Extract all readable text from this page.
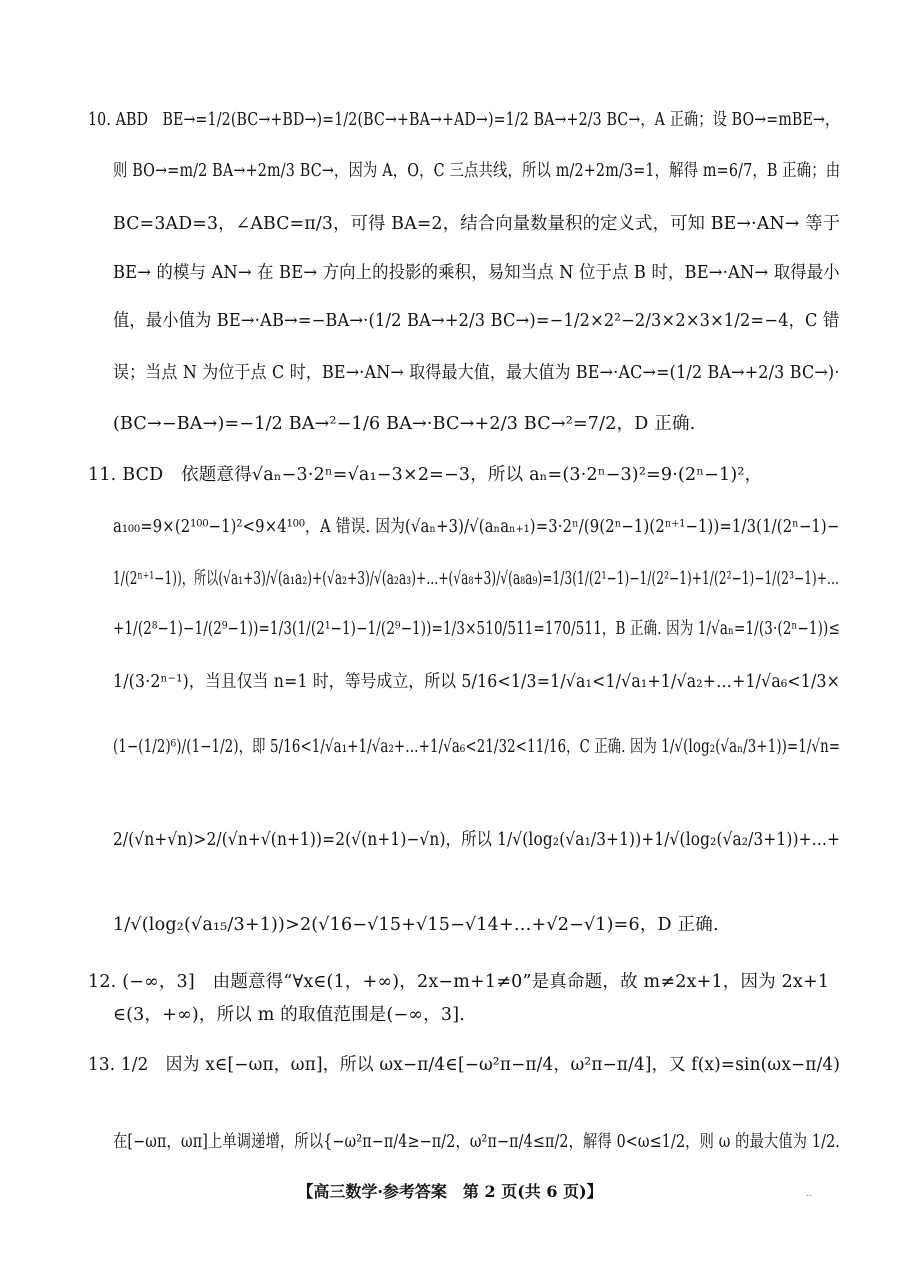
10. ABD　BE→=1/2(BC→+BD→)=1/2(BC→+BA→+AD→)=1/2 BA→+2/3 BC→，A 正确；设 BO→=mBE→，
则 BO→=m/2 BA→+2m/3 BC→，因为 A，O，C 三点共线，所以 m/2+2m/3=1，解得 m=6/7，B 正确；由
BC=3AD=3，∠ABC=π/3，可得 BA=2，结合向量数量积的定义式，可知 BE→·AN→ 等于
BE→ 的模与 AN→ 在 BE→ 方向上的投影的乘积，易知当点 N 位于点 B 时，BE→·AN→ 取得最小
值，最小值为 BE→·AB→=−BA→·(1/2 BA→+2/3 BC→)=−1/2×2²−2/3×2×3×1/2=−4，C 错
误；当点 N 为位于点 C 时，BE→·AN→ 取得最大值，最大值为 BE→·AC→=(1/2 BA→+2/3 BC→)·
(BC→−BA→)=−1/2 BA→²−1/6 BA→·BC→+2/3 BC→²=7/2，D 正确.
11. BCD　依题意得√aₙ−3·2ⁿ=√a₁−3×2=−3，所以 aₙ=(3·2ⁿ−3)²=9·(2ⁿ−1)²，
a₁₀₀=9×(2¹⁰⁰−1)²<9×4¹⁰⁰，A 错误. 因为(√aₙ+3)/√(aₙaₙ₊₁)=3·2ⁿ/(9(2ⁿ−1)(2ⁿ⁺¹−1))=1/3(1/(2ⁿ−1)−
1/(2ⁿ⁺¹−1))，所以(√a₁+3)/√(a₁a₂)+(√a₂+3)/√(a₂a₃)+…+(√a₈+3)/√(a₈a₉)=1/3(1/(2¹−1)−1/(2²−1)+1/(2²−1)−1/(2³−1)+…
+1/(2⁸−1)−1/(2⁹−1))=1/3(1/(2¹−1)−1/(2⁹−1))=1/3×510/511=170/511，B 正确. 因为 1/√aₙ=1/(3·(2ⁿ−1))≤
1/(3·2ⁿ⁻¹)，当且仅当 n=1 时，等号成立，所以 5/16<1/3=1/√a₁<1/√a₁+1/√a₂+…+1/√a₆<1/3×
(1−(1/2)⁶)/(1−1/2)，即 5/16<1/√a₁+1/√a₂+…+1/√a₆<21/32<11/16，C 正确. 因为 1/√(log₂(√aₙ/3+1))=1/√n=
2/(√n+√n)>2/(√n+√(n+1))=2(√(n+1)−√n)，所以 1/√(log₂(√a₁/3+1))+1/√(log₂(√a₂/3+1))+…+
1/√(log₂(√a₁₅/3+1))>2(√16−√15+√15−√14+…+√2−√1)=6，D 正确.
12. (−∞，3]　由题意得“∀x∈(1，+∞)，2x−m+1≠0”是真命题，故 m≠2x+1，因为 2x+1
∈(3，+∞)，所以 m 的取值范围是(−∞，3].
13. 1/2　因为 x∈[−ωπ，ωπ]，所以 ωx−π/4∈[−ω²π−π/4，ω²π−π/4]，又 f(x)=sin(ωx−π/4)
在[−ωπ，ωπ]上单调递增，所以{−ω²π−π/4≥−π/2，ω²π−π/4≤π/2，解得 0<ω≤1/2，则 ω 的最大值为 1/2.
【高三数学·参考答案　第 2 页(共 6 页)】	..
